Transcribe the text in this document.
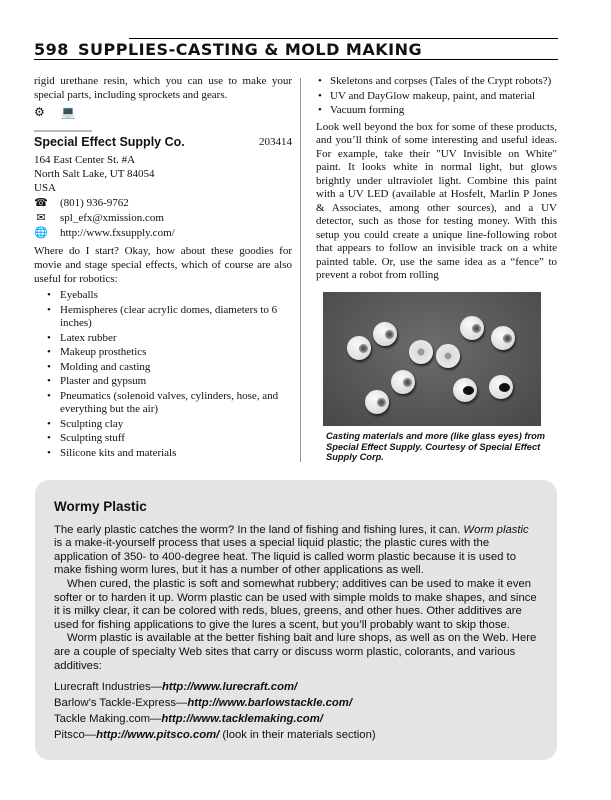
598 SUPPLIES-CASTING & MOLD MAKING

rigid urethane resin, which you can use to make your special parts, including sprockets and gears.

⚙ 💻
Special Effect Supply Co.	203414
164 East Center St. #A
North Salt Lake, UT 84054
USA
☎ (801) 936-9762
✉ spl_efx@xmission.com
🌐 http://www.fxsupply.com/

Where do I start? Okay, how about these goodies for movie and stage special effects, which of course are also useful for robotics:

• Eyeballs
• Hemispheres (clear acrylic domes, diameters to 6 inches)
• Latex rubber
• Makeup prosthetics
• Molding and casting
• Plaster and gypsum
• Pneumatics (solenoid valves, cylinders, hose, and everything but the air)
• Sculpting clay
• Sculpting stuff
• Silicone kits and materials
• Skeletons and corpses (Tales of the Crypt robots?)
• UV and DayGlow makeup, paint, and material
• Vacuum forming

Look well beyond the box for some of these products, and you’ll think of some interesting and useful ideas. For example, take their "UV Invisible on White" paint. It looks white in normal light, but glows brightly under ultraviolet light. Combine this paint with a UV LED (available at Hosfelt, Marlin P Jones & Associates, among other sources), and a UV detector, such as those for testing money. With this setup you could create a unique line-following robot that appears to follow an invisible track on a white painted table. Or, use the same idea as a “fence” to prevent a robot from rolling

Casting materials and more (like glass eyes) from Special Effect Supply. Courtesy of Special Effect Supply Corp.
Wormy Plastic

The early plastic catches the worm? In the land of fishing and fishing lures, it can. Worm plastic is a make-it-yourself process that uses a special liquid plastic; the plastic cures with the application of 350- to 400-degree heat. The liquid is called worm plastic because it is used to make fishing worm lures, but it has a number of other applications as well.

When cured, the plastic is soft and somewhat rubbery; additives can be used to make it even softer or to harden it up. Worm plastic can be used with simple molds to make shapes, and since it is milky clear, it can be colored with reds, blues, greens, and other hues. Other additives are used for fishing applications to give the lures a scent, but you’ll probably want to skip those.

Worm plastic is available at the better fishing bait and lure shops, as well as on the Web. Here are a couple of specialty Web sites that carry or discuss worm plastic, colorants, and various additives:

Lurecraft Industries—http://www.lurecraft.com/
Barlow’s Tackle-Express—http://www.barlowstackle.com/
Tackle Making.com—http://www.tacklemaking.com/
Pitsco—http://www.pitsco.com/ (look in their materials section)
